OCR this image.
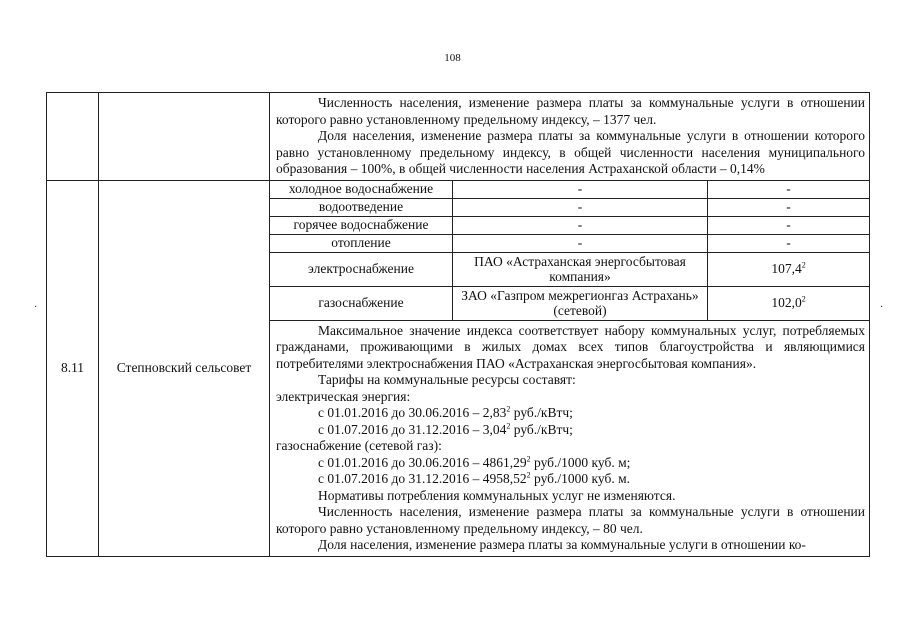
108
·	·

Численность населения, изменение размера платы за коммунальные услуги в отношении которого равно установленному предельному индексу, – 1377 чел.

Доля населения, изменение размера платы за коммунальные услуги в отношении которого равно установленному предельному индексу, в общей численности населения муниципального образования – 100%, в общей численности населения Астраханской области – 0,14%

8.11	Степновский сельсовет	
холодное водоснабжение	-	-
водоотведение	-	-
горячее водоснабжение	-	-
отопление	-	-
электроснабжение	ПАО «Астраханская энергосбытовая компания»	107,4$^2$
газоснабжение	ЗАО «Газпром межрегионгаз Астрахань» (сетевой)	102,0$^2$

Максимальное значение индекса соответствует набору коммунальных услуг, потребляемых гражданами, проживающими в жилых домах всех типов благоустройства и являющимися потребителями электроснабжения ПАО «Астраханская энергосбытовая компания».

Тарифы на коммунальные ресурсы составят:

электрическая энергия:

с 01.01.2016 до 30.06.2016 – 2,83$^2$ руб./кВтч;

с 01.07.2016 до 31.12.2016 – 3,04$^2$ руб./кВтч;

газоснабжение (сетевой газ):

с 01.01.2016 до 30.06.2016 – 4861,29$^2$ руб./1000 куб. м;

с 01.07.2016 до 31.12.2016 – 4958,52$^2$ руб./1000 куб. м.

Нормативы потребления коммунальных услуг не изменяются.

Численность населения, изменение размера платы за коммунальные услуги в отношении которого равно установленному предельному индексу, – 80 чел.

Доля населения, изменение размера платы за коммунальные услуги в отношении ко-
